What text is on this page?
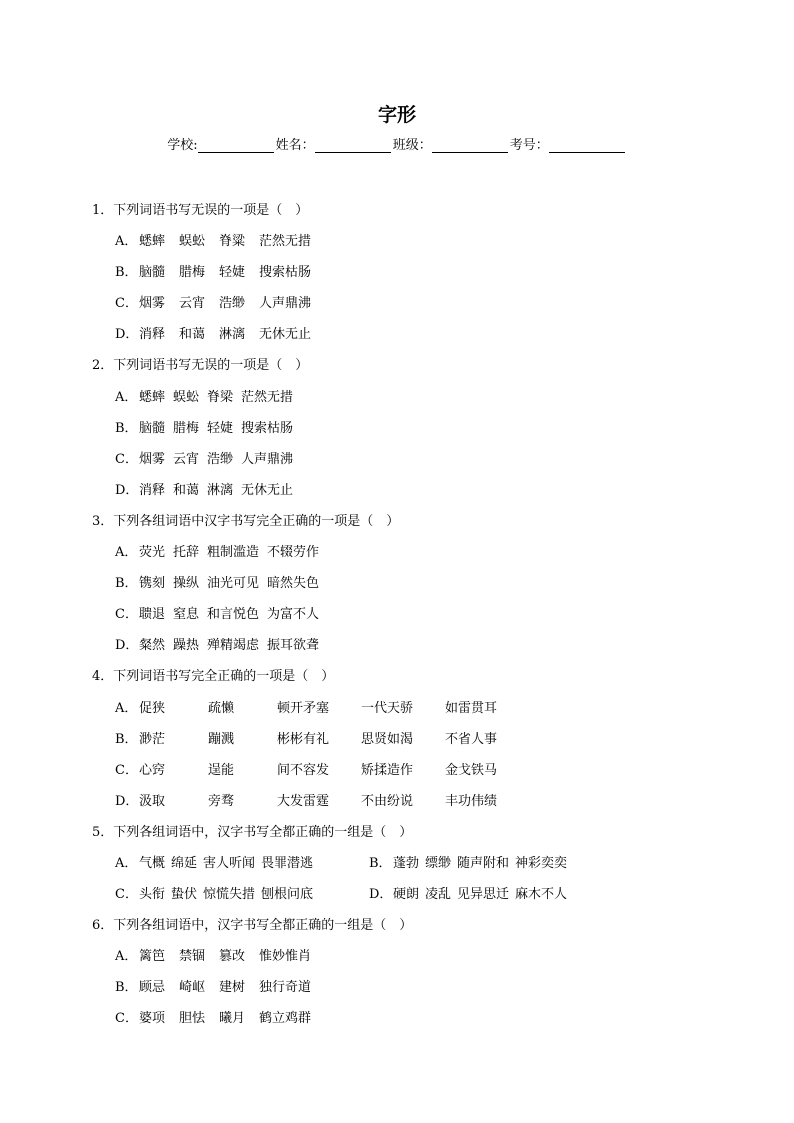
字形
学校:	姓名：	班级：	考号：
1．下列词语书写无误的一项是（　）
A． 蟋蟀 蜈蚣 脊粱 茫然无措
B．脑髓 腊梅 轻婕 搜索枯肠
C．烟雾 云宵 浩缈 人声鼎沸
D．消释 和蔼 淋漓 无休无止
2．下列词语书写无误的一项是（　）
A． 蟋蟀 蜈蚣 脊梁 茫然无措
B．脑髓 腊梅 轻婕 搜索枯肠
C．烟雾 云宵 浩缈 人声鼎沸
D．消释 和蔼 淋漓 无休无止
3．下列各组词语中汉字书写完全正确的一项是（　）
A． 荧光 托辞 粗制滥造 不辍劳作
B．镌刻 操纵 油光可见 暗然失色
C．聩退 窒息 和言悦色 为富不人
D．粲然 躁热 殚精竭虑 振耳欲聋
4．下列词语书写完全正确的一项是（　）
A． 促狭	疏懒	顿开矛塞 一代天骄 如雷贯耳
B．渺茫	蹦溅	彬彬有礼 思贤如渴 不省人事
C．心窍	逞能	间不容发 矫揉造作 金戈铁马
D．汲取	旁骛	大发雷霆 不由纷说 丰功伟绩
5．下列各组词语中，汉字书写全都正确的一组是（　）
A． 气概 绵延 害人听闻 畏罪潜逃	B．蓬勃 缥缈 随声附和 神彩奕奕
C．头衔 蛰伏 惊慌失措 刨根问底	D．硬朗 凌乱 见异思迁 麻木不人
6．下列各组词语中，汉字书写全都正确的一组是（　）
A． 篱笆 禁锢 篡改 惟妙惟肖
B．顾忌 崎岖 建树 独行奇道
C．婆项 胆怯 曦月 鹤立鸡群
